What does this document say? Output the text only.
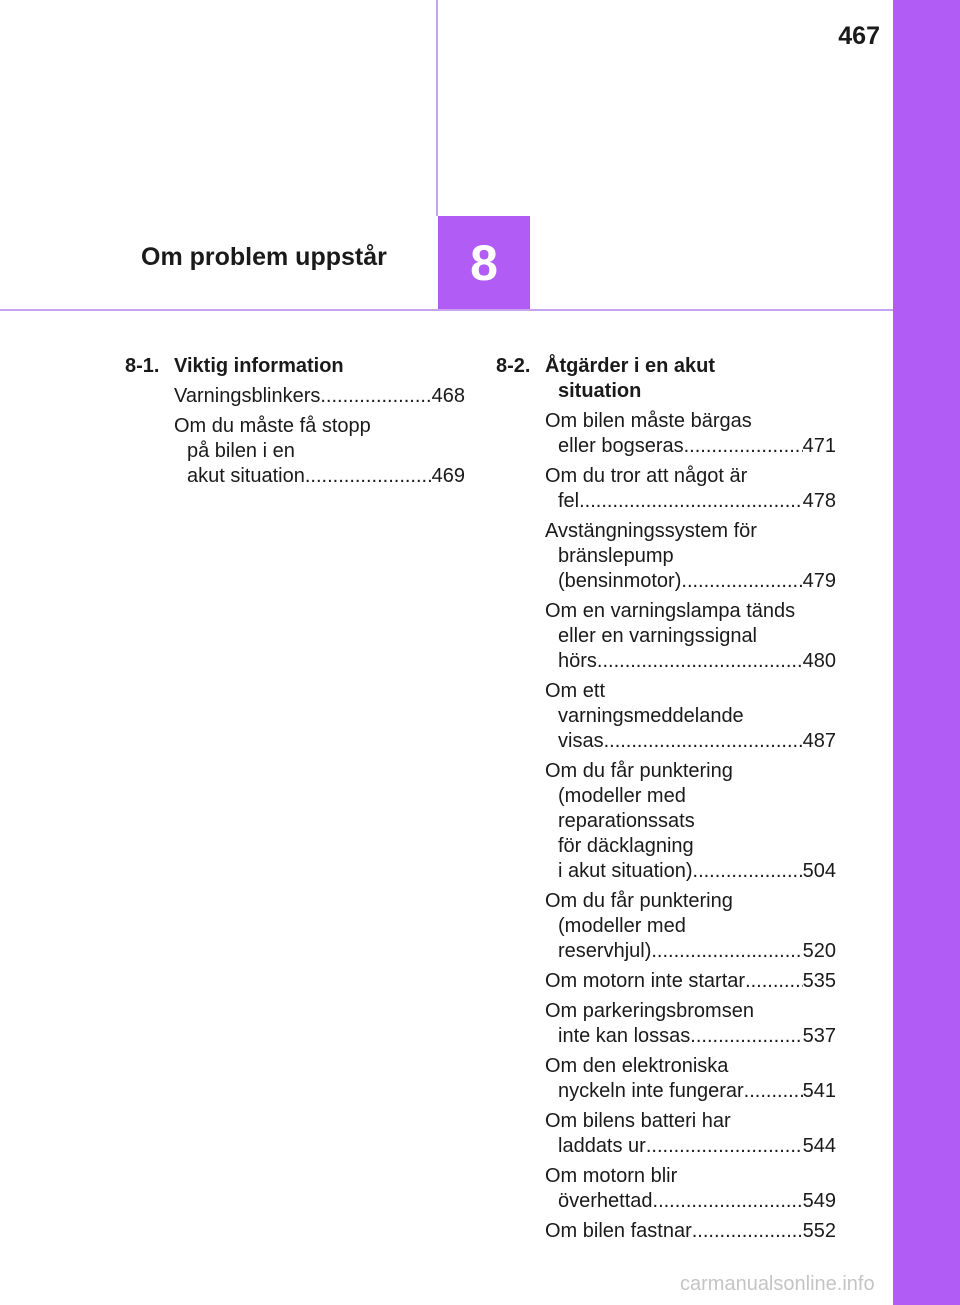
467
Om problem uppstår 8
8-1. Viktig information
Varningsblinkers .....	468
Om du måste få stopp
på bilen i en
akut situation .....	469
8-2. Åtgärder i en akut
situation
Om bilen måste bärgas
eller bogseras .....	471
Om du tror att något är
fel .....	478
Avstängningssystem för
bränslepump
(bensinmotor) .....	479
Om en varningslampa tänds
eller en varningssignal
hörs .....	480
Om ett
varningsmeddelande
visas .....	487
Om du får punktering
(modeller med
reparationssats
för däcklagning
i akut situation) .....	504
Om du får punktering
(modeller med
reservhjul) .....	520
Om motorn inte startar .....	535
Om parkeringsbromsen
inte kan lossas .....	537
Om den elektroniska
nyckeln inte fungerar .....	541
Om bilens batteri har
laddats ur .....	544
Om motorn blir
överhettad .....	549
Om bilen fastnar .....	552
carmanualsonline.info
